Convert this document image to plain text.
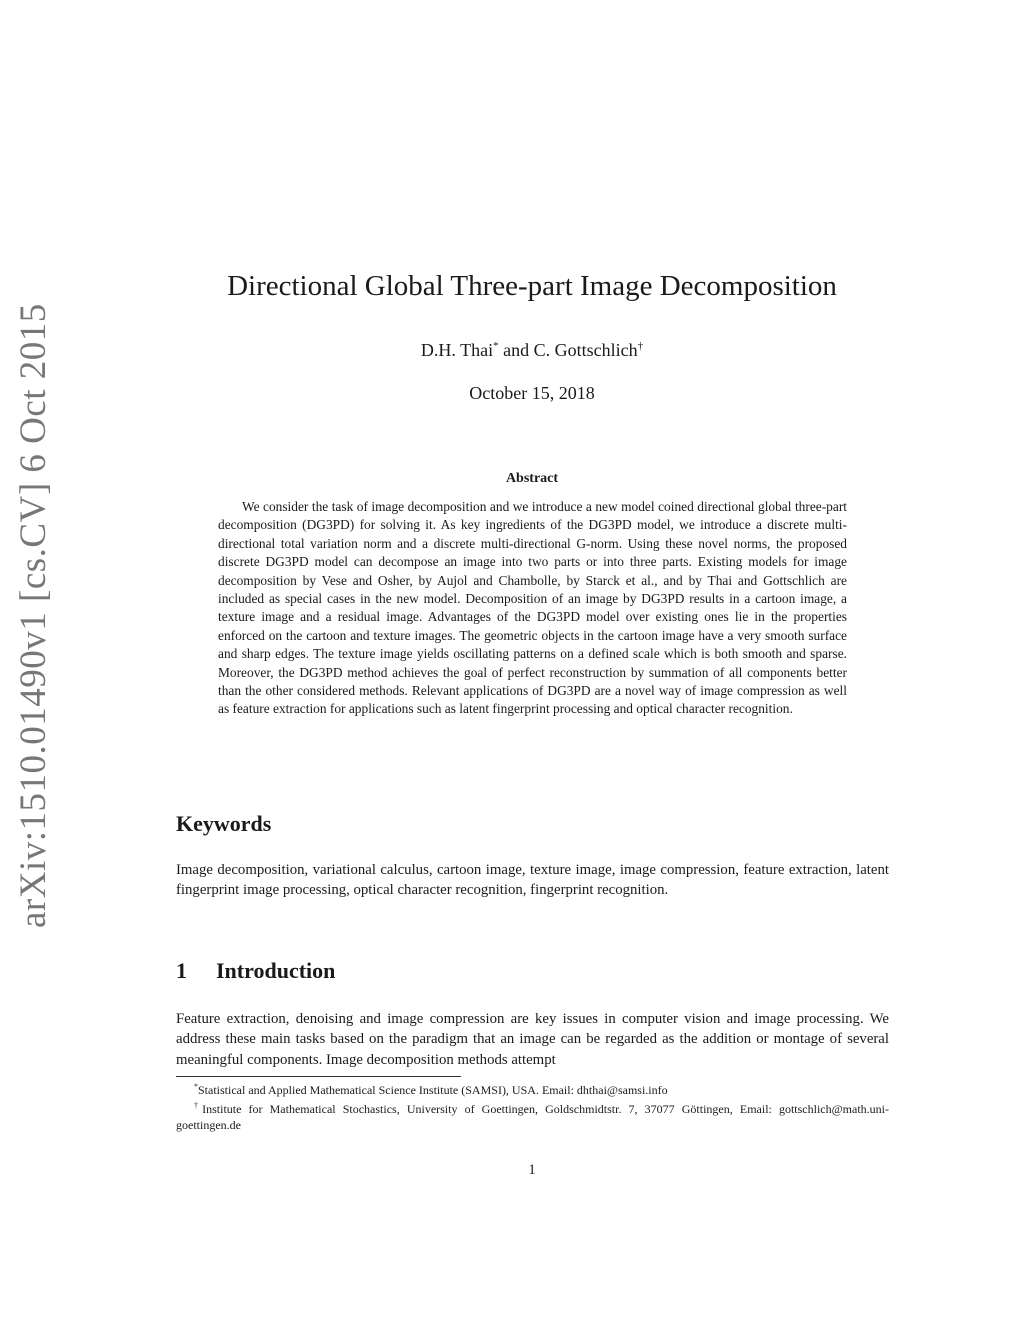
arXiv:1510.01490v1 [cs.CV] 6 Oct 2015
Directional Global Three-part Image Decomposition
D.H. Thai* and C. Gottschlich†
October 15, 2018
Abstract

We consider the task of image decomposition and we introduce a new model coined directional global three-part decomposition (DG3PD) for solving it. As key ingredients of the DG3PD model, we introduce a discrete multi-directional total variation norm and a discrete multi-directional G-norm. Using these novel norms, the proposed discrete DG3PD model can decompose an image into two parts or into three parts. Existing models for image decomposition by Vese and Osher, by Aujol and Chambolle, by Starck et al., and by Thai and Gottschlich are included as special cases in the new model. Decomposition of an image by DG3PD results in a cartoon image, a texture image and a residual image. Advantages of the DG3PD model over existing ones lie in the properties enforced on the cartoon and texture images. The geometric objects in the cartoon image have a very smooth surface and sharp edges. The texture image yields oscillating patterns on a defined scale which is both smooth and sparse. Moreover, the DG3PD method achieves the goal of perfect reconstruction by summation of all components better than the other considered methods. Relevant applications of DG3PD are a novel way of image compression as well as feature extraction for applications such as latent fingerprint processing and optical character recognition.

Keywords

Image decomposition, variational calculus, cartoon image, texture image, image compression, feature extraction, latent fingerprint image processing, optical character recognition, fingerprint recognition.

1 Introduction

Feature extraction, denoising and image compression are key issues in computer vision and image processing. We address these main tasks based on the paradigm that an image can be regarded as the addition or montage of several meaningful components. Image decomposition methods attempt

*Statistical and Applied Mathematical Science Institute (SAMSI), USA. Email: dhthai@samsi.info

†Institute for Mathematical Stochastics, University of Goettingen, Goldschmidtstr. 7, 37077 Göttingen, Email: gottschlich@math.uni-goettingen.de

1
